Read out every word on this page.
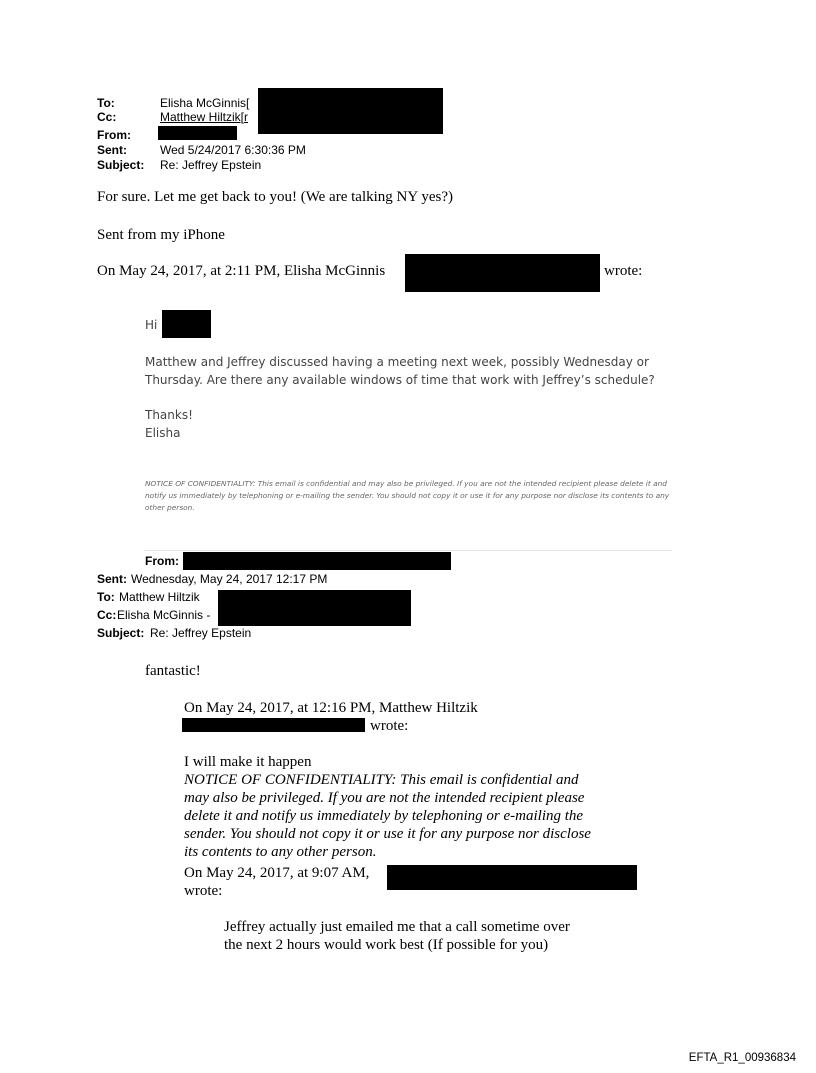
To:	Elisha McGinnis[
Cc:	Matthew Hiltzik[r
From:
Sent:	Wed 5/24/2017 6:30:36 PM
Subject: Re: Jeffrey Epstein
For sure. Let me get back to you! (We are talking NY yes?)
Sent from my iPhone
On May 24, 2017, at 2:11 PM, Elisha McGinnis	wrote:
Hi
Matthew and Jeffrey discussed having a meeting next week, possibly Wednesday or
Thursday. Are there any available windows of time that work with Jeffrey’s schedule?
Thanks!
Elisha
NOTICE OF CONFIDENTIALITY: This email is confidential and may also be privileged. If you are not the intended recipient please delete it and notify us immediately by telephoning or e-mailing the sender. You should not copy it or use it for any purpose nor disclose its contents to any other person.
From:
Sent: Wednesday, May 24, 2017 12:17 PM
To: Matthew Hiltzik
Cc: Elisha McGinnis -
Subject: Re: Jeffrey Epstein
fantastic!
On May 24, 2017, at 12:16 PM, Matthew Hiltzik
wrote:
I will make it happen
NOTICE OF CONFIDENTIALITY: This email is confidential and
may also be privileged. If you are not the intended recipient please
delete it and notify us immediately by telephoning or e-mailing the
sender. You should not copy it or use it for any purpose nor disclose
its contents to any other person.
On May 24, 2017, at 9:07 AM,
wrote:
Jeffrey actually just emailed me that a call sometime over
the next 2 hours would work best (If possible for you)
EFTA_R1_00936834
